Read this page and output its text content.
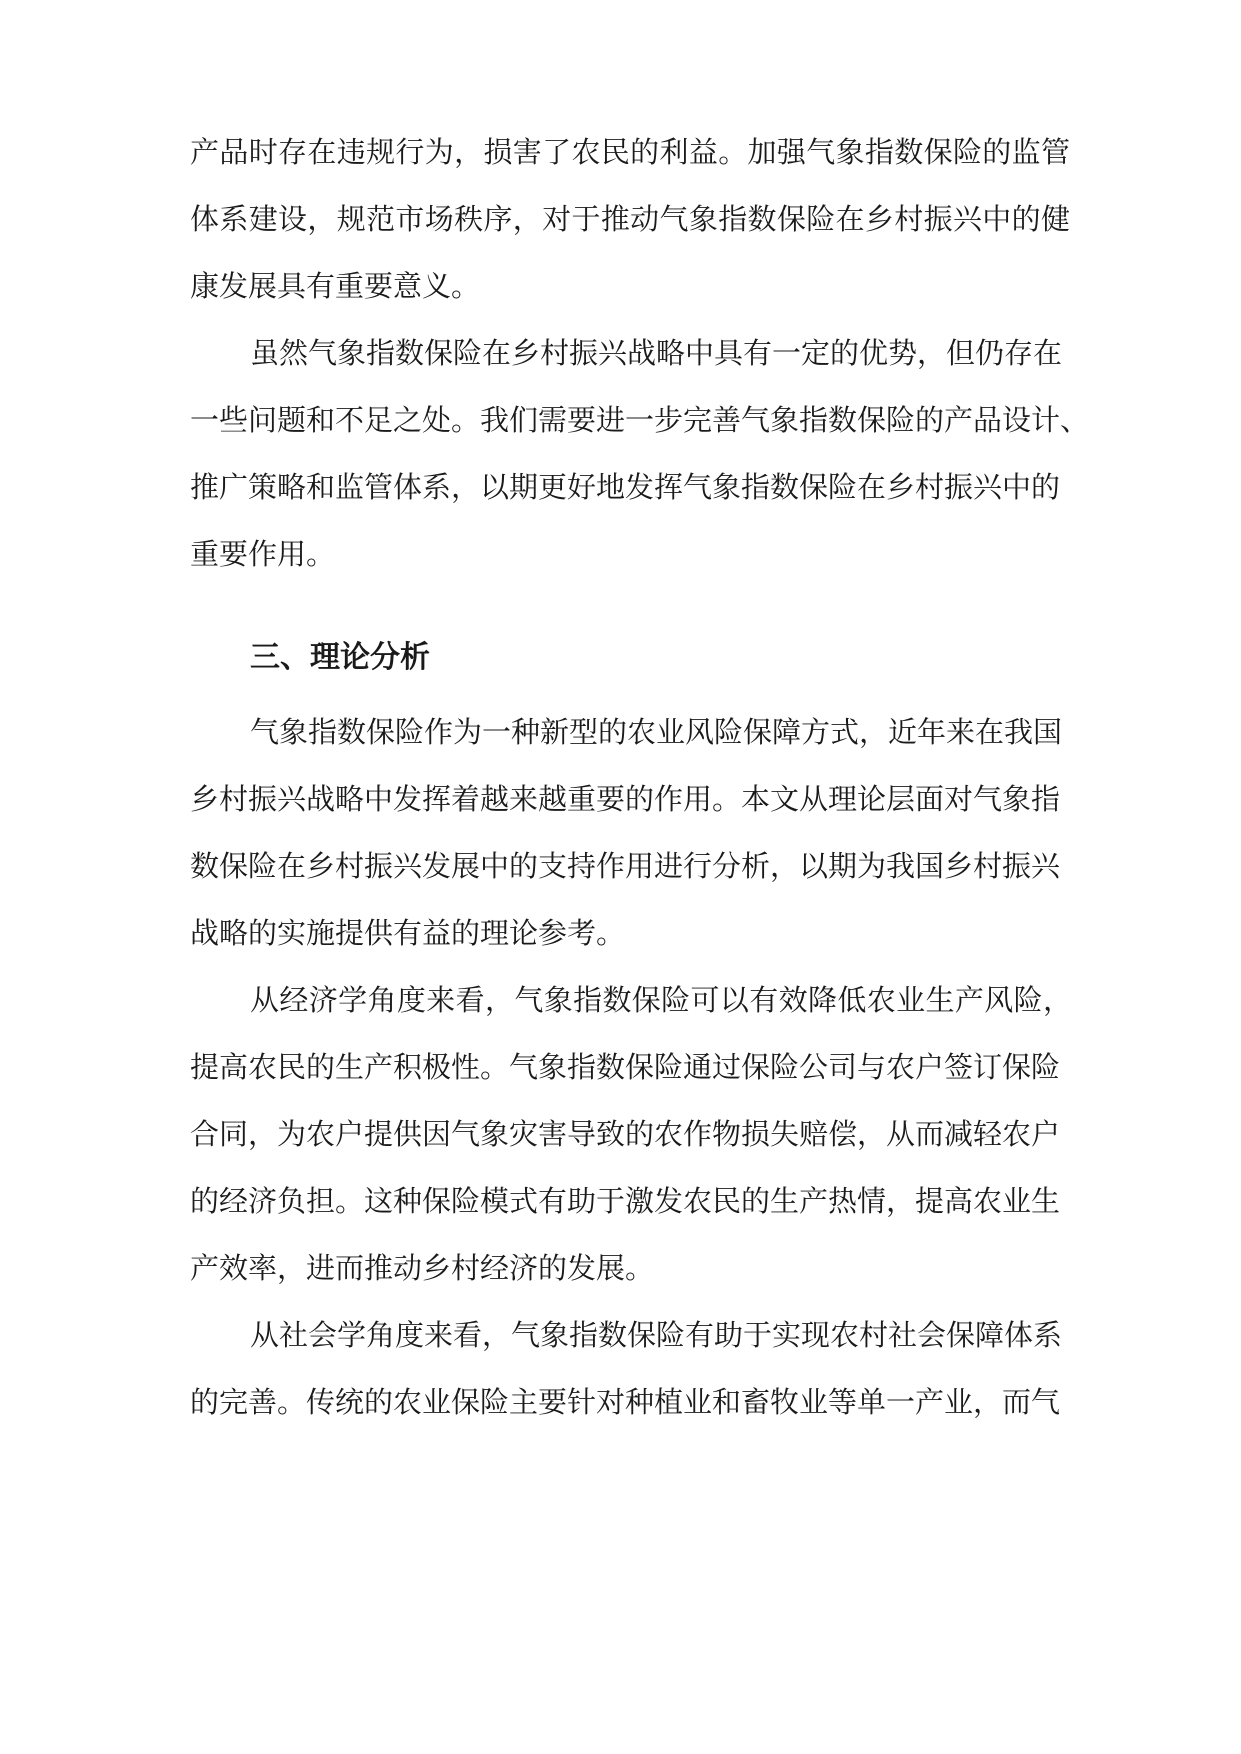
产品时存在违规行为，损害了农民的利益。加强气象指数保险的监管
体系建设，规范市场秩序，对于推动气象指数保险在乡村振兴中的健
康发展具有重要意义。
虽然气象指数保险在乡村振兴战略中具有一定的优势，但仍存在
一些问题和不足之处。我们需要进一步完善气象指数保险的产品设计、
推广策略和监管体系，以期更好地发挥气象指数保险在乡村振兴中的
重要作用。
三、理论分析
气象指数保险作为一种新型的农业风险保障方式，近年来在我国
乡村振兴战略中发挥着越来越重要的作用。本文从理论层面对气象指
数保险在乡村振兴发展中的支持作用进行分析，以期为我国乡村振兴
战略的实施提供有益的理论参考。
从经济学角度来看，气象指数保险可以有效降低农业生产风险，
提高农民的生产积极性。气象指数保险通过保险公司与农户签订保险
合同，为农户提供因气象灾害导致的农作物损失赔偿，从而减轻农户
的经济负担。这种保险模式有助于激发农民的生产热情，提高农业生
产效率，进而推动乡村经济的发展。
从社会学角度来看，气象指数保险有助于实现农村社会保障体系
的完善。传统的农业保险主要针对种植业和畜牧业等单一产业，而气
